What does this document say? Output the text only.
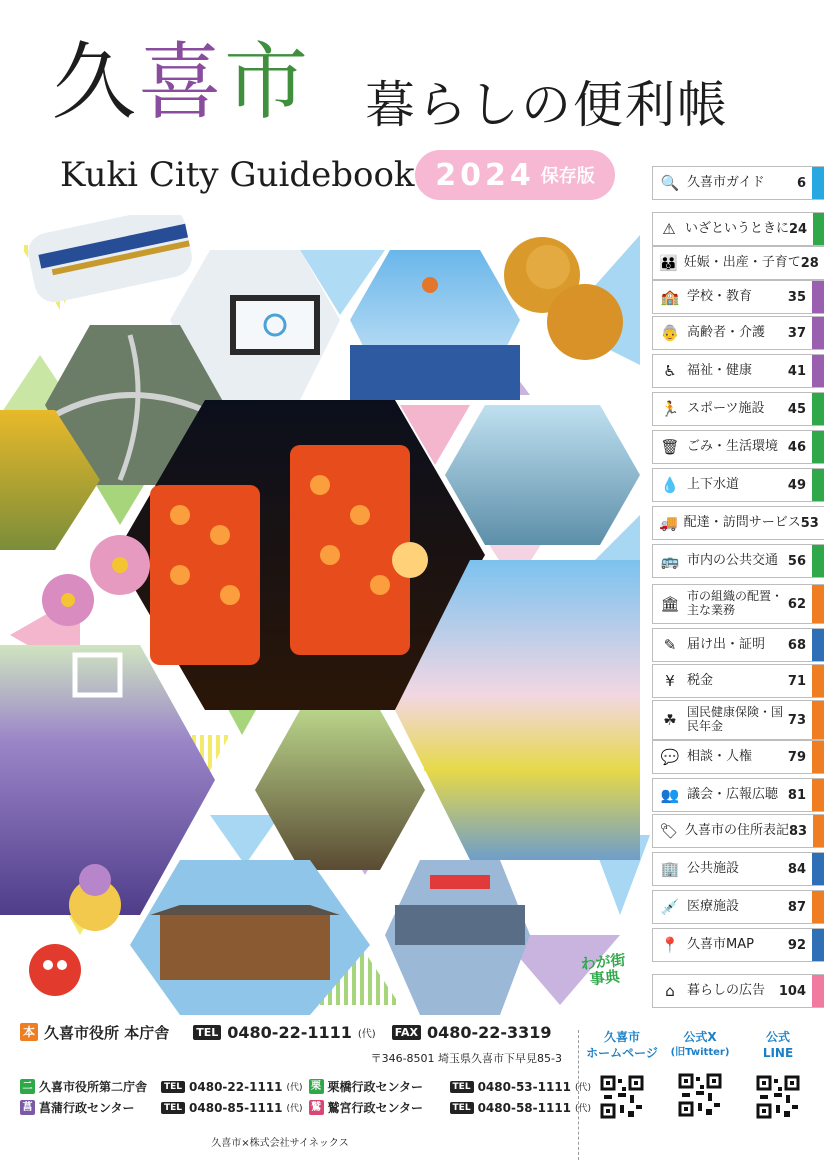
久喜市 暮らしの便利帳
Kuki City Guidebook 2024 保存版	🔍 久喜市ガイド	6
⚠ いざというときに 24
👪 妊娠・出産・子育て 28
🏫 学校・教育	35
👵 高齢者・介護	37
♿ 福祉・健康	41
🏃 スポーツ施設	45
🗑 ごみ・生活環境 46
💧 上下水道	49
🚚 配達・訪問サービス 53
🚌 市内の公共交通 56
🏛 市の組織の配置・主な業務	62
✎ 届け出・証明	68
¥ 税金	71
☘ 国民健康保険・国民年金	73
💬 相談・人権	79
👥 議会・広報広聴 81
🏷 久喜市の住所表記 83
🏢 公共施設	84
💉 医療施設	87
📍 久喜市MAP	92
⌂ 暮らしの広告	104
わが街事典
本 久喜市役所 本庁舎 TEL 0480-22-1111 (代) FAX 0480-22-3319
〒346-8501 埼玉県久喜市下早見85-3
二 久喜市役所第二庁舎	TEL 0480-22-1111 (代) 栗 栗橋行政センター	TEL 0480-53-1111 (代)
菖 菖蒲行政センター	TEL 0480-85-1111 (代) 鷲 鷲宮行政センター	TEL 0480-58-1111 (代)
久喜市×株式会社サイネックス
久喜市
ホームページ
公式X
(旧Twitter)
公式
LINE
